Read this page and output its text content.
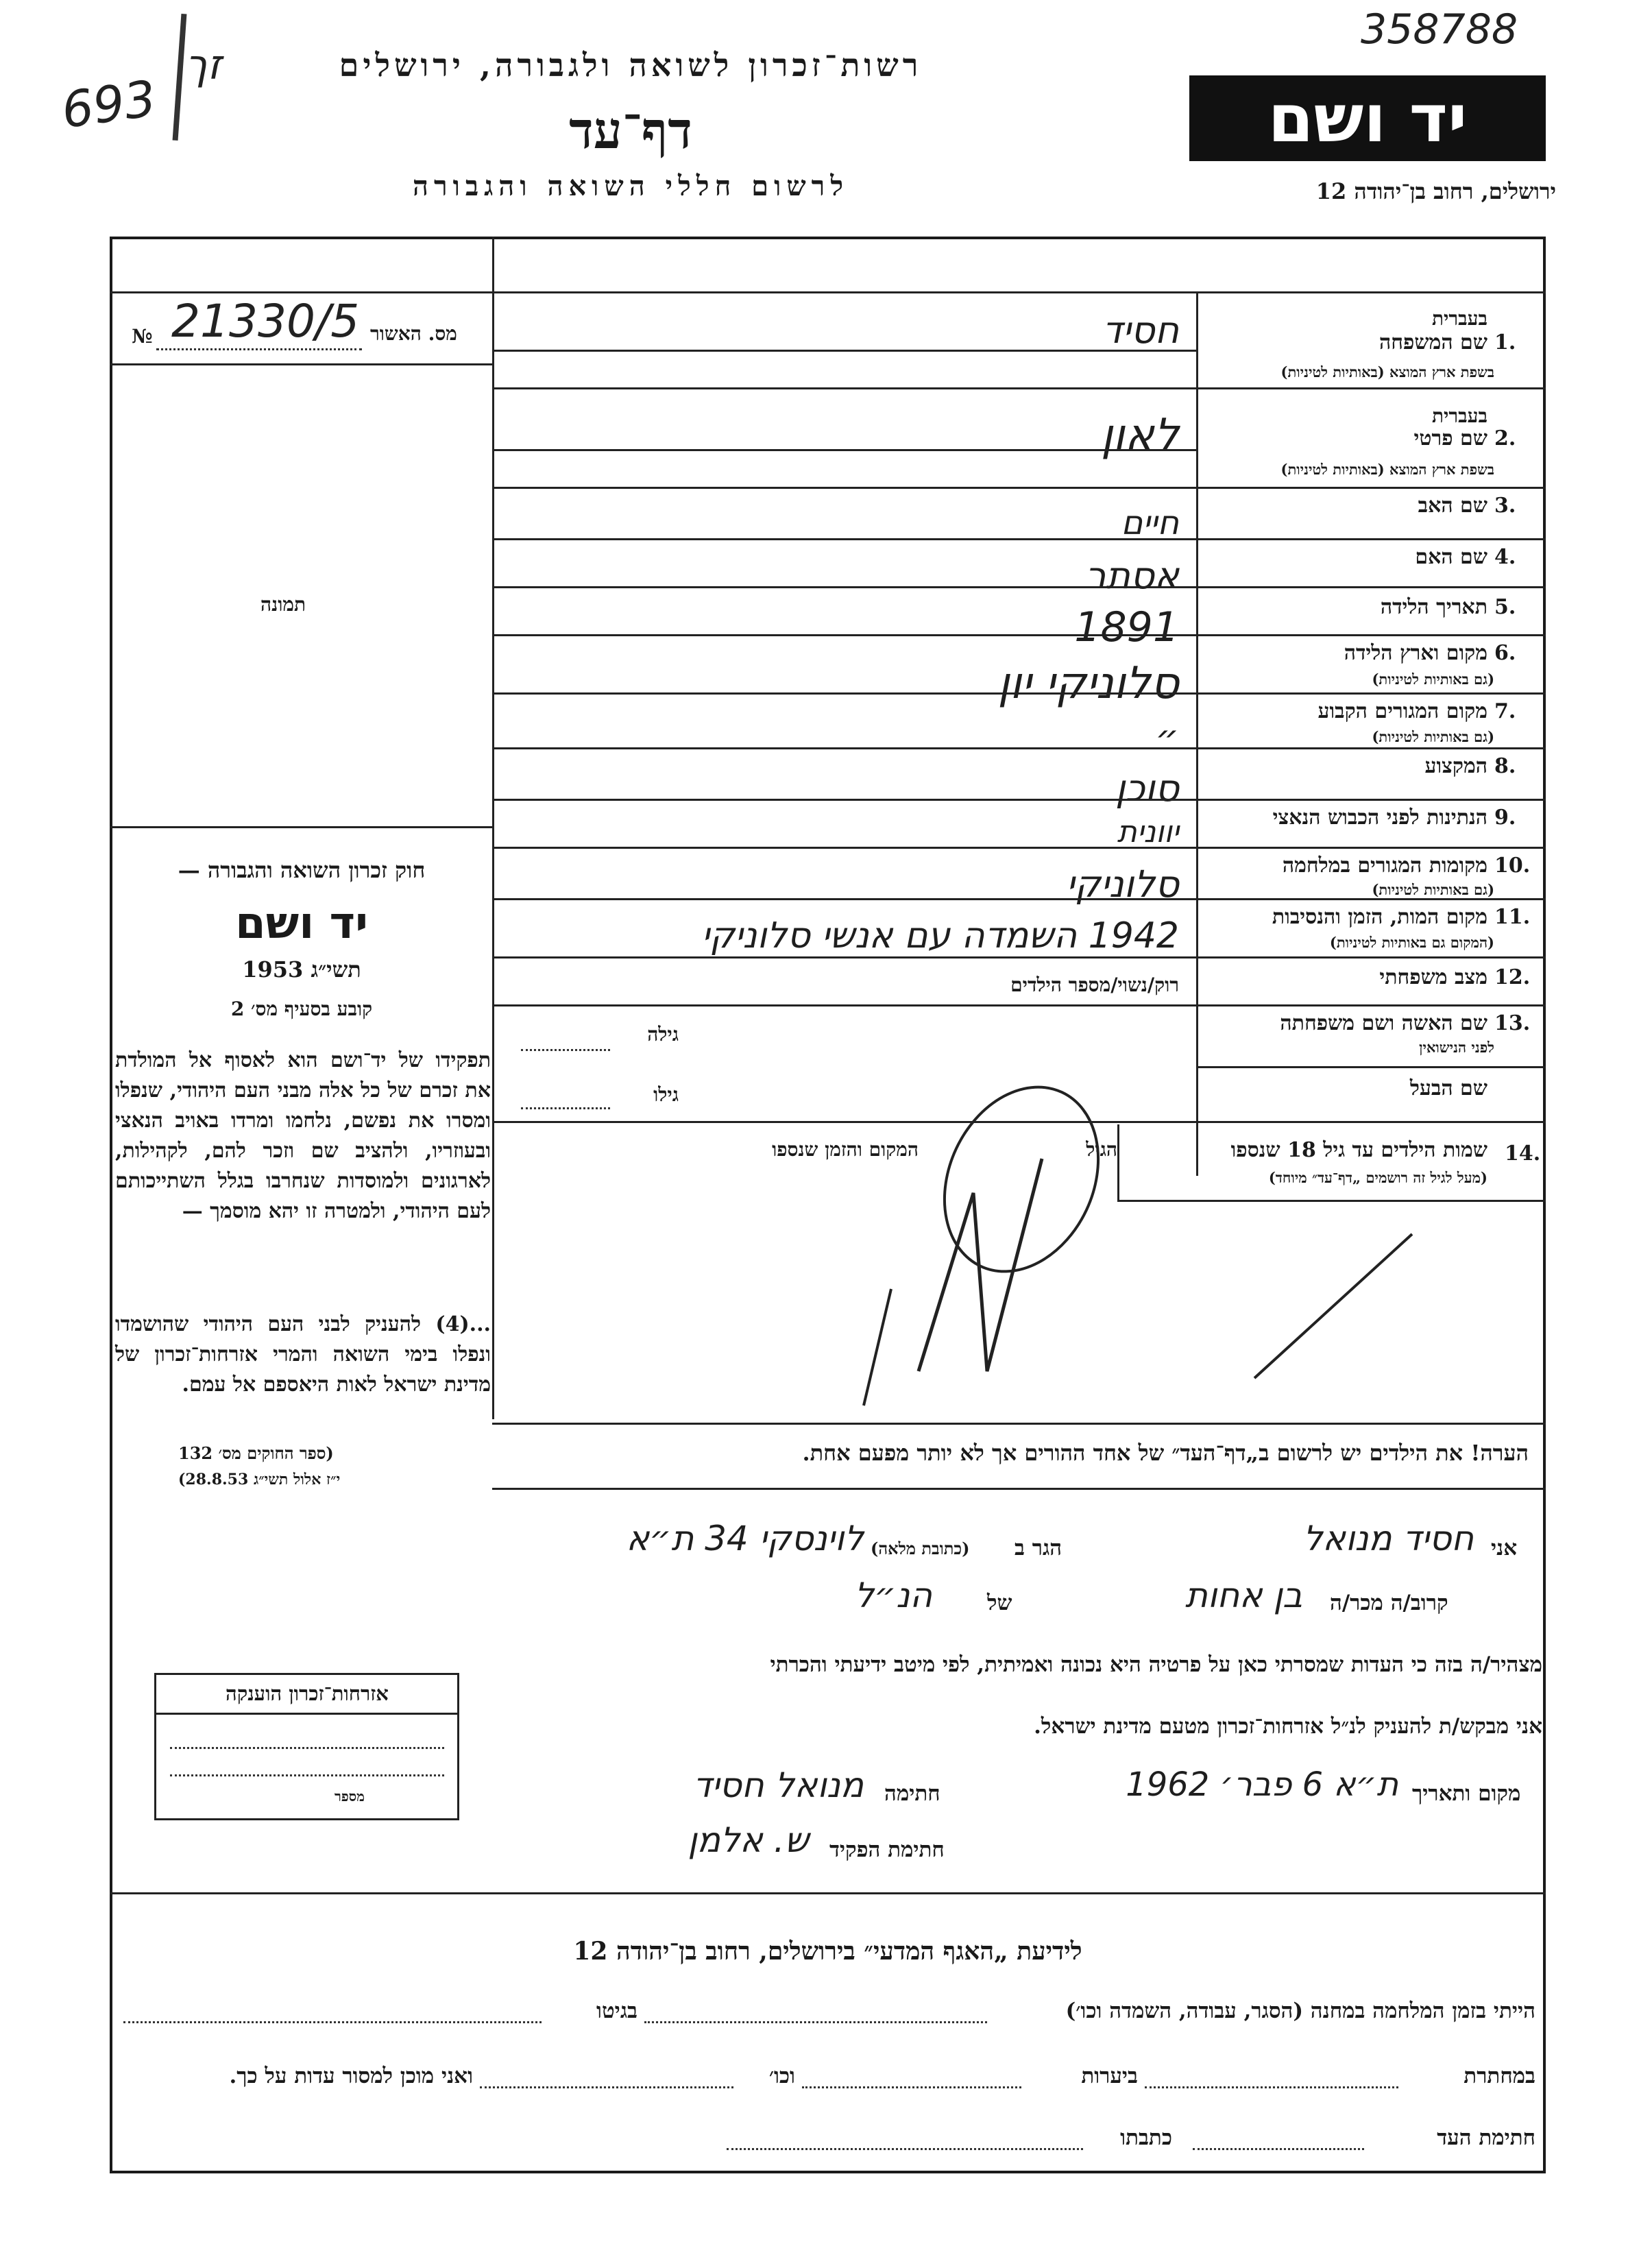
358788
693
זך	רשות־זכרון לשואה ולגבורה, ירושלים
דף־עד
לרשום חללי השואה והגבורה
יד ושם
ירושלים, רחוב בן־יהודה 12
מס. האשור
№ 21330/5
תמונה
חוק זכרון השואה והגבורה —
יד ושם
תשי״ג 1953
קובע בסעיף מס׳ 2
תפקידו של יד־ושם הוא לאסוף אל המולדת את זכרם של כל אלה מבני העם היהודי, שנפלו ומסרו את נפשם, נלחמו ומרדו באויב הנאצי ובעוזריו, ולהציב שם וזכר להם, לקהילות, לארגונים ולמוסדות שנחרבו בגלל השתייכותם לעם היהודי, ולמטרה זו יהא מוסמך —
...(4) להעניק לבני העם היהודי שהושמדו ונפלו בימי השואה והמרי אזרחות־זכרון של מדינת ישראל לאות היאספם אל עמם.
(ספר החוקים מס׳ 132
י״ז אלול תשי״ג 28.8.53)
בעברית
1.
שם המשפחה
בשפת ארץ המוצא (באותיות לטיניות)
חסיד
בעברית
2.
שם פרטי
בשפת ארץ המוצא (באותיות לטיניות)
לאון
3.
שם האב
חיים
4.
שם האם
אסתר
5.
תאריך הלידה
1891
6.
מקום וארץ הלידה
(גם באותיות לטיניות)
סלוניקי יון
7.
מקום המגורים הקבוע
(גם באותיות לטיניות)
״
8.
המקצוע
סוכן
9.
הנתינות לפני הכבוש הנאצי
יוונית
10.
מקומות המגורים במלחמה
(גם באותיות לטיניות)
סלוניקי
11.
מקום המות, הזמן והנסיבות
(המקום גם באותיות לטיניות)
1942 השמדה עם אנשי סלוניקי
12.
מצב משפחתי
רוק/נשוי/מספר הילדים
13.
שם האשה ושם משפחתה
לפני הנישואין
גילה
שם הבעל
גילו
14.
שמות הילדים עד גיל 18 שנספו
(מעל לגיל זה רושמים „דף־עד״ מיוחד)
הגיל
המקום והזמן שנספו
הערה! את הילדים יש לרשום ב„דף־העד״ של אחד ההורים אך לא יותר מפעם אחת.
אני
חסיד מנואל
הגר ב
(כתובת מלאה)
לוינסקי 34 ת״א
קרוב/ה מכר/ה
בן אחות
של
הנ״ל
מצהיר/ה בזה כי העדות שמסרתי כאן על פרטיה היא נכונה ואמיתית, לפי מיטב ידיעתי והכרתי
אני מבקש/ת להעניק לנ״ל אזרחות־זכרון מטעם מדינת ישראל.
מקום ותאריך
ת״א 6 פבר׳ 1962
חתימה
מנואל חסיד
חתימת הפקיד
ש. אלמן
אזרחות־זכרון הוענקה
מספר
לידיעת „האגף המדעי״ בירושלים, רחוב בן־יהודה 12
הייתי בזמן המלחמה במחנה (הסגר, עבודה, השמדה וכו׳)
בגיטו
במחתרת
ביערות
וכו׳
ואני מוכן למסור עדות על כך.
חתימת העד
כתבתו
